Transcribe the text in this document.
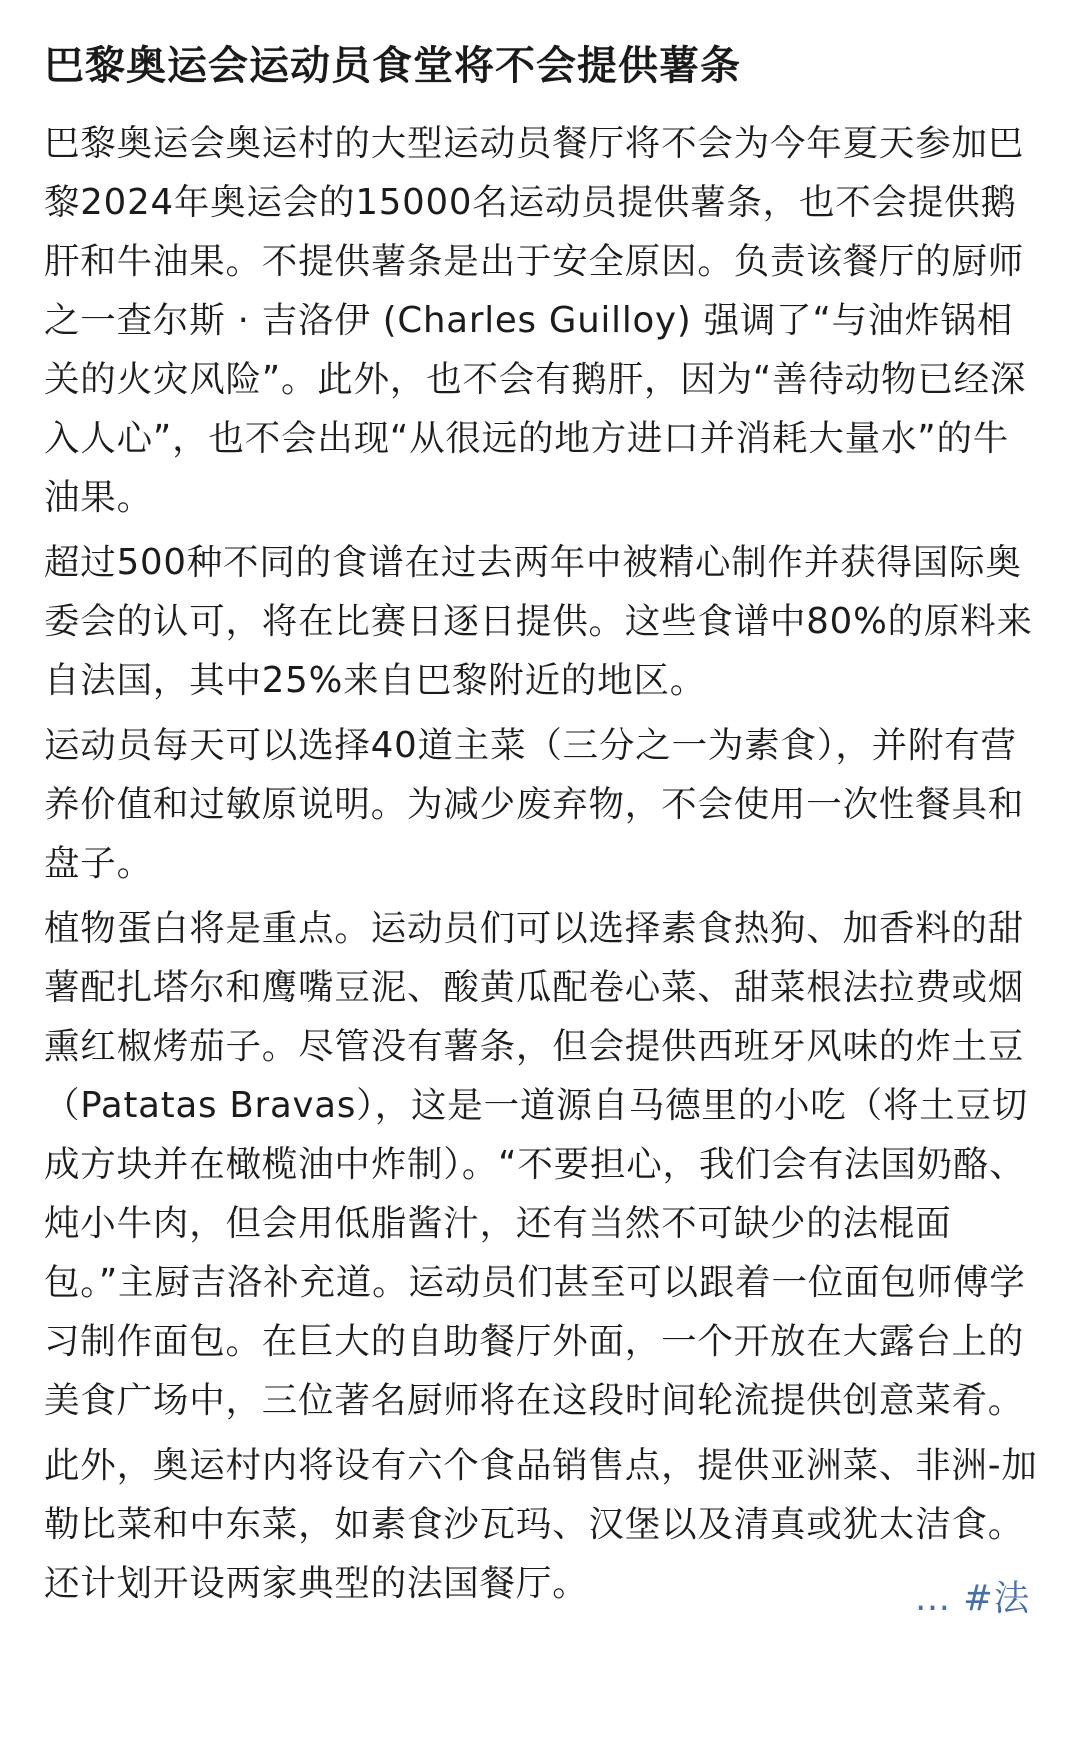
巴黎奥运会运动员食堂将不会提供薯条

巴黎奥运会奥运村的大型运动员餐厅将不会为今年夏天参加巴黎2024年奥运会的15000名运动员提供薯条，也不会提供鹅肝和牛油果。不提供薯条是出于安全原因。负责该餐厅的厨师之一查尔斯 · 吉洛伊 (Charles Guilloy) 强调了“与油炸锅相关的火灾风险”。此外，也不会有鹅肝，因为“善待动物已经深入人心”，也不会出现“从很远的地方进口并消耗大量水”的牛油果。

超过500种不同的食谱在过去两年中被精心制作并获得国际奥委会的认可，将在比赛日逐日提供。这些食谱中80%的原料来自法国，其中25%来自巴黎附近的地区。

运动员每天可以选择40道主菜（三分之一为素食），并附有营养价值和过敏原说明。为减少废弃物，不会使用一次性餐具和盘子。

植物蛋白将是重点。运动员们可以选择素食热狗、加香料的甜薯配扎塔尔和鹰嘴豆泥、酸黄瓜配卷心菜、甜菜根法拉费或烟熏红椒烤茄子。尽管没有薯条，但会提供西班牙风味的炸土豆（Patatas Bravas），这是一道源自马德里的小吃（将土豆切成方块并在橄榄油中炸制）。“不要担心，我们会有法国奶酪、炖小牛肉，但会用低脂酱汁，还有当然不可缺少的法棍面包。”主厨吉洛补充道。运动员们甚至可以跟着一位面包师傅学习制作面包。在巨大的自助餐厅外面，一个开放在大露台上的美食广场中，三位著名厨师将在这段时间轮流提供创意菜肴。

此外，奥运村内将设有六个食品销售点，提供亚洲菜、非洲-加勒比菜和中东菜，如素食沙瓦玛、汉堡以及清真或犹太洁食。还计划开设两家典型的法国餐厅。	… #法
